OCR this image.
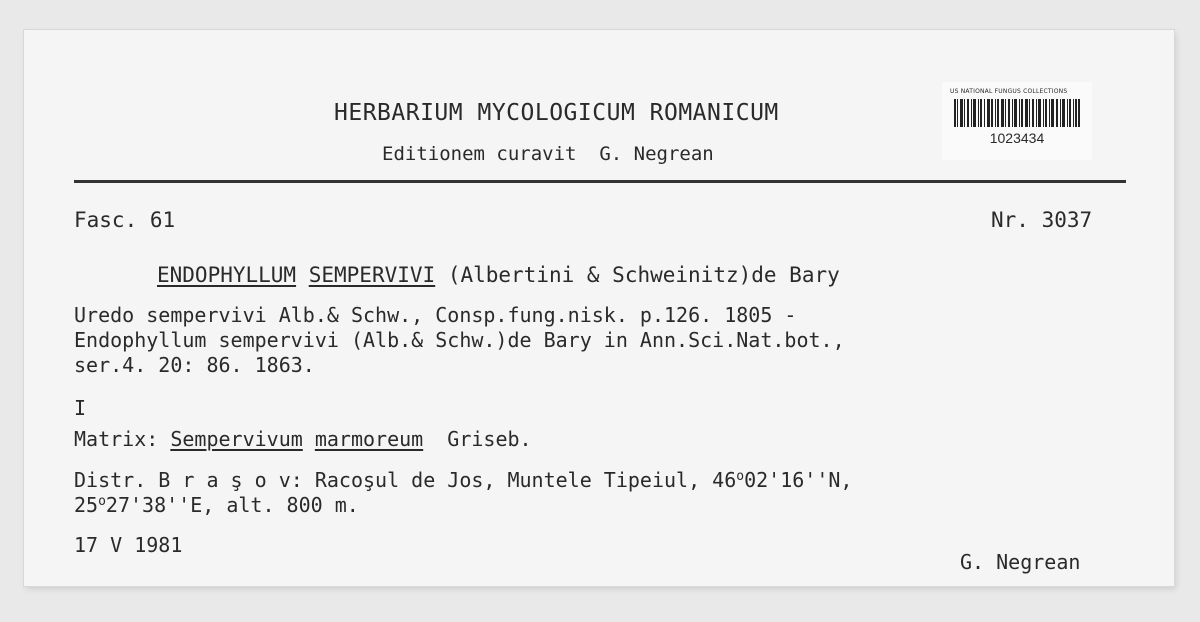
HERBARIUM MYCOLOGICUM ROMANICUM
Editionem curavit  G. Negrean
US NATIONAL FUNGUS COLLECTIONS
1023434
Fasc. 61	Nr. 3037
ENDOPHYLLUM SEMPERVIVI (Albertini & Schweinitz)de Bary
Uredo sempervivi Alb.& Schw., Consp.fung.nisk. p.126. 1805 -
Endophyllum sempervivi (Alb.& Schw.)de Bary in Ann.Sci.Nat.bot.,
ser.4. 20: 86. 1863.
I
Matrix: Sempervivum marmoreum  Griseb.
Distr. B r a ş o v: Racoşul de Jos, Muntele Tipeiul, 46$^o$02'16''N,
25$^o$27'38''E, alt. 800 m.
17 V 1981
G. Negrean
